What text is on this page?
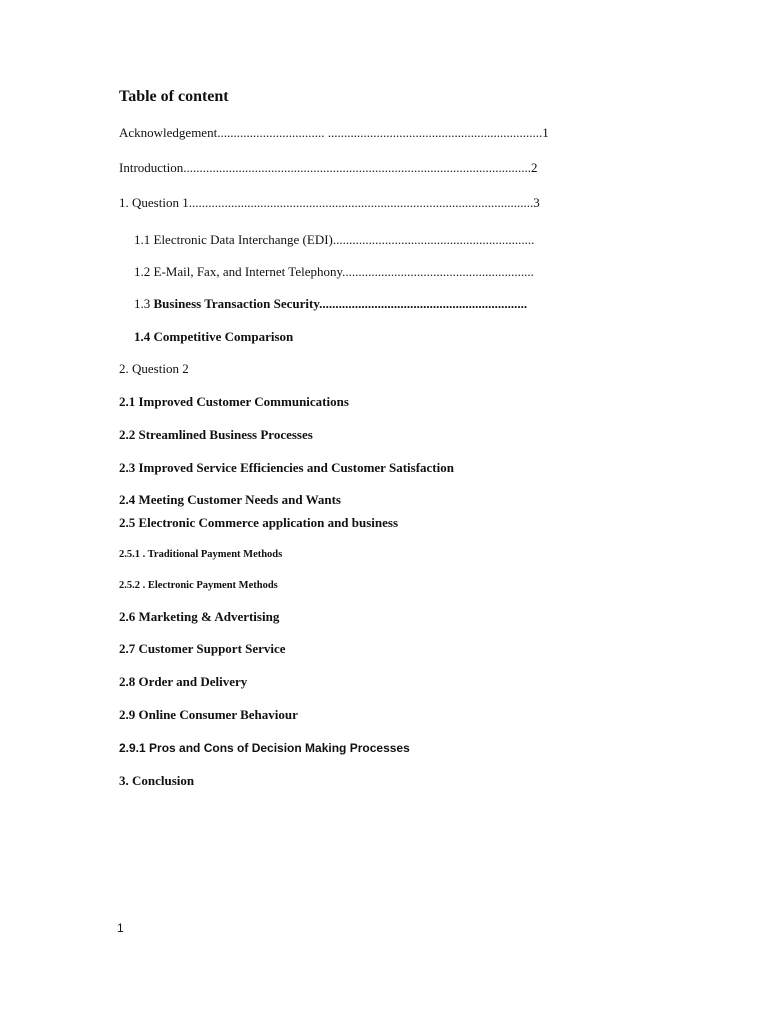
Table of content
Acknowledgement................................. ..................................................................1
Introduction...........................................................................................................2
1. Question 1..........................................................................................................3
1.1 Electronic Data Interchange (EDI)..............................................................
1.2 E-Mail, Fax, and Internet Telephony...........................................................
1.3 Business Transaction Security................................................................
1.4 Competitive Comparison
2. Question 2
2.1 Improved Customer Communications
2.2 Streamlined Business Processes
2.3 Improved Service Efficiencies and Customer Satisfaction
2.4 Meeting Customer Needs and Wants
2.5 Electronic Commerce application and business
2.5.1 . Traditional Payment Methods
2.5.2 . Electronic Payment Methods
2.6 Marketing & Advertising
2.7 Customer Support Service
2.8 Order and Delivery
2.9 Online Consumer Behaviour
2.9.1 Pros and Cons of Decision Making Processes
3. Conclusion
1
